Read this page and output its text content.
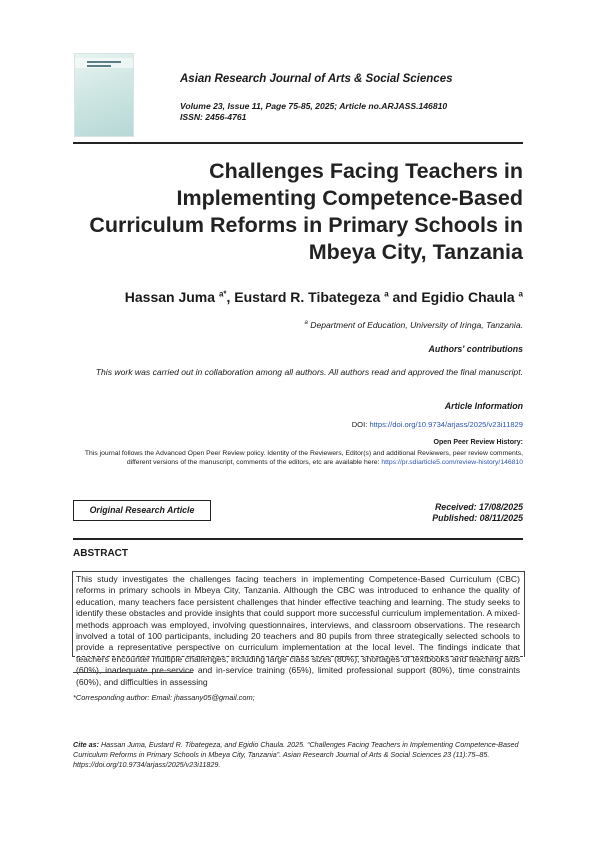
Asian Research Journal of Arts & Social Sciences
Volume 23, Issue 11, Page 75-85, 2025; Article no.ARJASS.146810
ISSN: 2456-4761
Challenges Facing Teachers in Implementing Competence-Based Curriculum Reforms in Primary Schools in Mbeya City, Tanzania
Hassan Juma $^{a*}$, Eustard R. Tibategeza $^a$ and Egidio Chaula $^a$
$^a$ Department of Education, University of Iringa, Tanzania.
Authors' contributions
This work was carried out in collaboration among all authors. All authors read and approved the final manuscript.
Article Information
DOI: https://doi.org/10.9734/arjass/2025/v23i11829
Open Peer Review History:
This journal follows the Advanced Open Peer Review policy. Identity of the Reviewers, Editor(s) and additional Reviewers, peer review comments, different versions of the manuscript, comments of the editors, etc are available here: https://pr.sdiarticle5.com/review-history/146810
Original Research Article	Received: 17/08/2025
Published: 08/11/2025
ABSTRACT
This study investigates the challenges facing teachers in implementing Competence-Based Curriculum (CBC) reforms in primary schools in Mbeya City, Tanzania. Although the CBC was introduced to enhance the quality of education, many teachers face persistent challenges that hinder effective teaching and learning. The study seeks to identify these obstacles and provide insights that could support more successful curriculum implementation. A mixed-methods approach was employed, involving questionnaires, interviews, and classroom observations. The research involved a total of 100 participants, including 20 teachers and 80 pupils from three strategically selected schools to provide a representative perspective on curriculum implementation at the local level. The findings indicate that teachers encounter multiple challenges, including large class sizes (80%), shortages of textbooks and teaching aids (60%), inadequate pre-service and in-service training (65%), limited professional support (80%), time constraints (60%), and difficulties in assessing
*Corresponding author: Email: jhassany05@gmail.com;
Cite as: Hassan Juma, Eustard R. Tibategeza, and Egidio Chaula. 2025. “Challenges Facing Teachers in Implementing Competence-Based Curriculum Reforms in Primary Schools in Mbeya City, Tanzania”. Asian Research Journal of Arts & Social Sciences 23 (11):75–85. https://doi.org/10.9734/arjass/2025/v23i11829.
